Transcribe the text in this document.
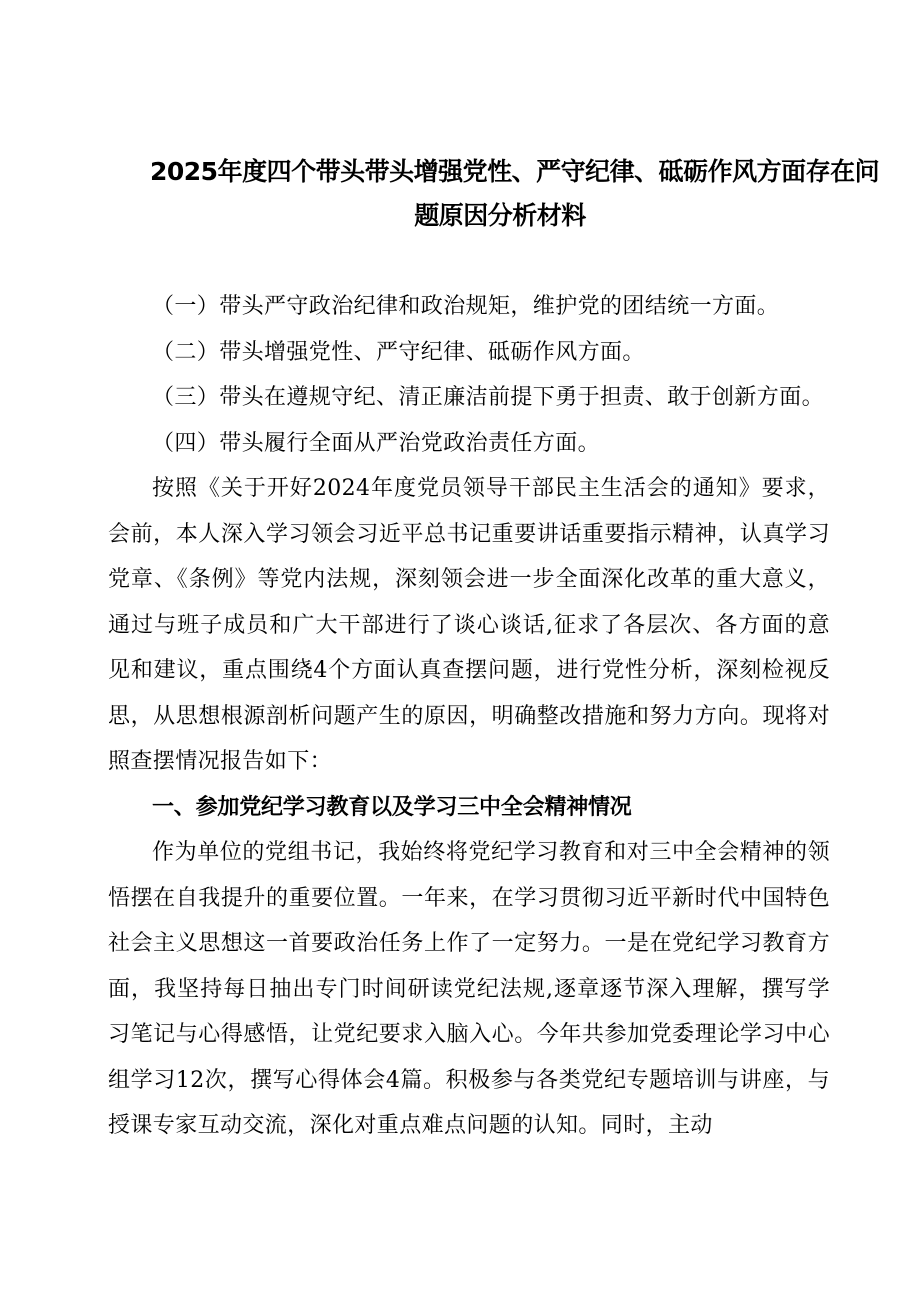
2025年度四个带头带头增强党性、严守纪律、砥砺作风方面存在问
题原因分析材料

（一）带头严守政治纪律和政治规矩，维护党的团结统一方面。

（二）带头增强党性、严守纪律、砥砺作风方面。

（三）带头在遵规守纪、清正廉洁前提下勇于担责、敢于创新方面。

（四）带头履行全面从严治党政治责任方面。

按照《关于开好2024年度党员领导干部民主生活会的通知》要求，会前，本人深入学习领会习近平总书记重要讲话重要指示精神，认真学习党章、《条例》等党内法规，深刻领会进一步全面深化改革的重大意义，通过与班子成员和广大干部进行了谈心谈话,征求了各层次、各方面的意见和建议，重点围绕4个方面认真查摆问题，进行党性分析，深刻检视反思，从思想根源剖析问题产生的原因，明确整改措施和努力方向。现将对照查摆情况报告如下：

一、参加党纪学习教育以及学习三中全会精神情况

作为单位的党组书记，我始终将党纪学习教育和对三中全会精神的领悟摆在自我提升的重要位置。一年来，在学习贯彻习近平新时代中国特色社会主义思想这一首要政治任务上作了一定努力。一是在党纪学习教育方面，我坚持每日抽出专门时间研读党纪法规,逐章逐节深入理解，撰写学习笔记与心得感悟，让党纪要求入脑入心。今年共参加党委理论学习中心组学习12次，撰写心得体会4篇。积极参与各类党纪专题培训与讲座，与授课专家互动交流，深化对重点难点问题的认知。同时，主动
